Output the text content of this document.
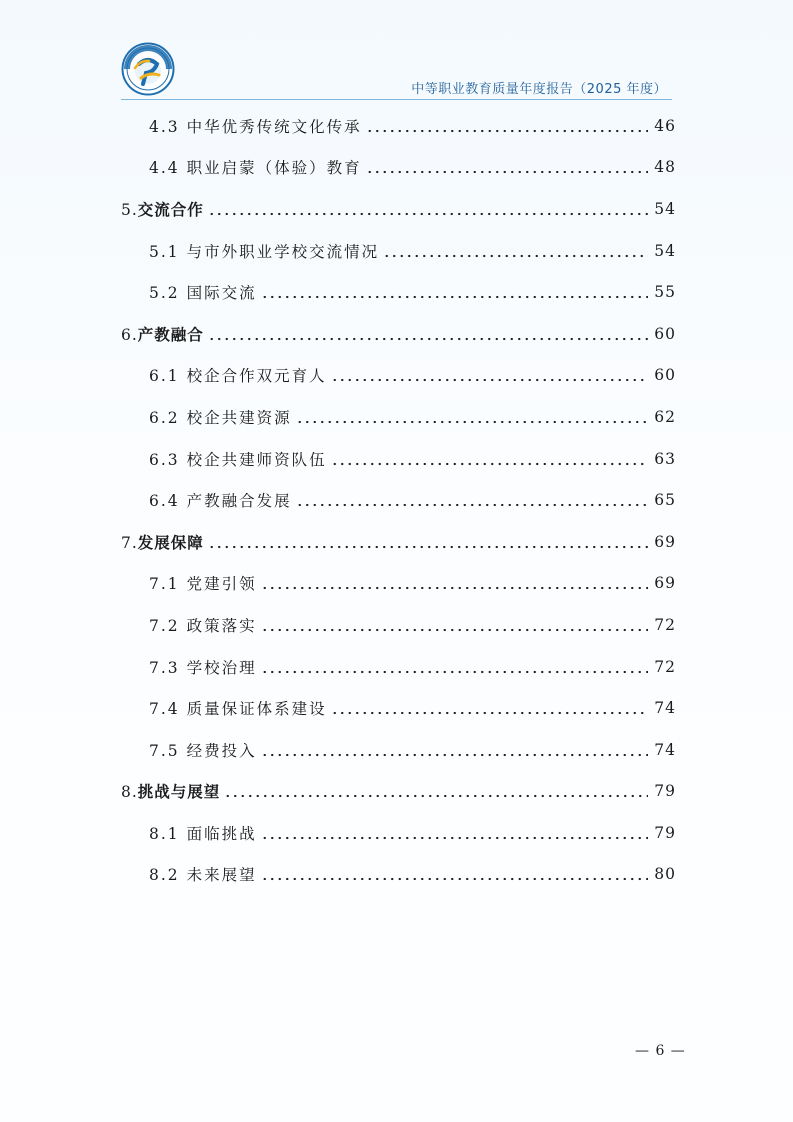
中等职业教育质量年度报告（2025 年度）
4.3 中华优秀传统文化传承	46
4.4 职业启蒙（体验）教育	48
5.交流合作	54
5.1 与市外职业学校交流情况	54
5.2 国际交流	55
6.产教融合	60
6.1 校企合作双元育人	60
6.2 校企共建资源	62
6.3 校企共建师资队伍	63
6.4 产教融合发展	65
7.发展保障	69
7.1 党建引领	69
7.2 政策落实	72
7.3 学校治理	72
7.4 质量保证体系建设	74
7.5 经费投入	74
8.挑战与展望	79
8.1 面临挑战	79
8.2 未来展望	80
— 6 —
